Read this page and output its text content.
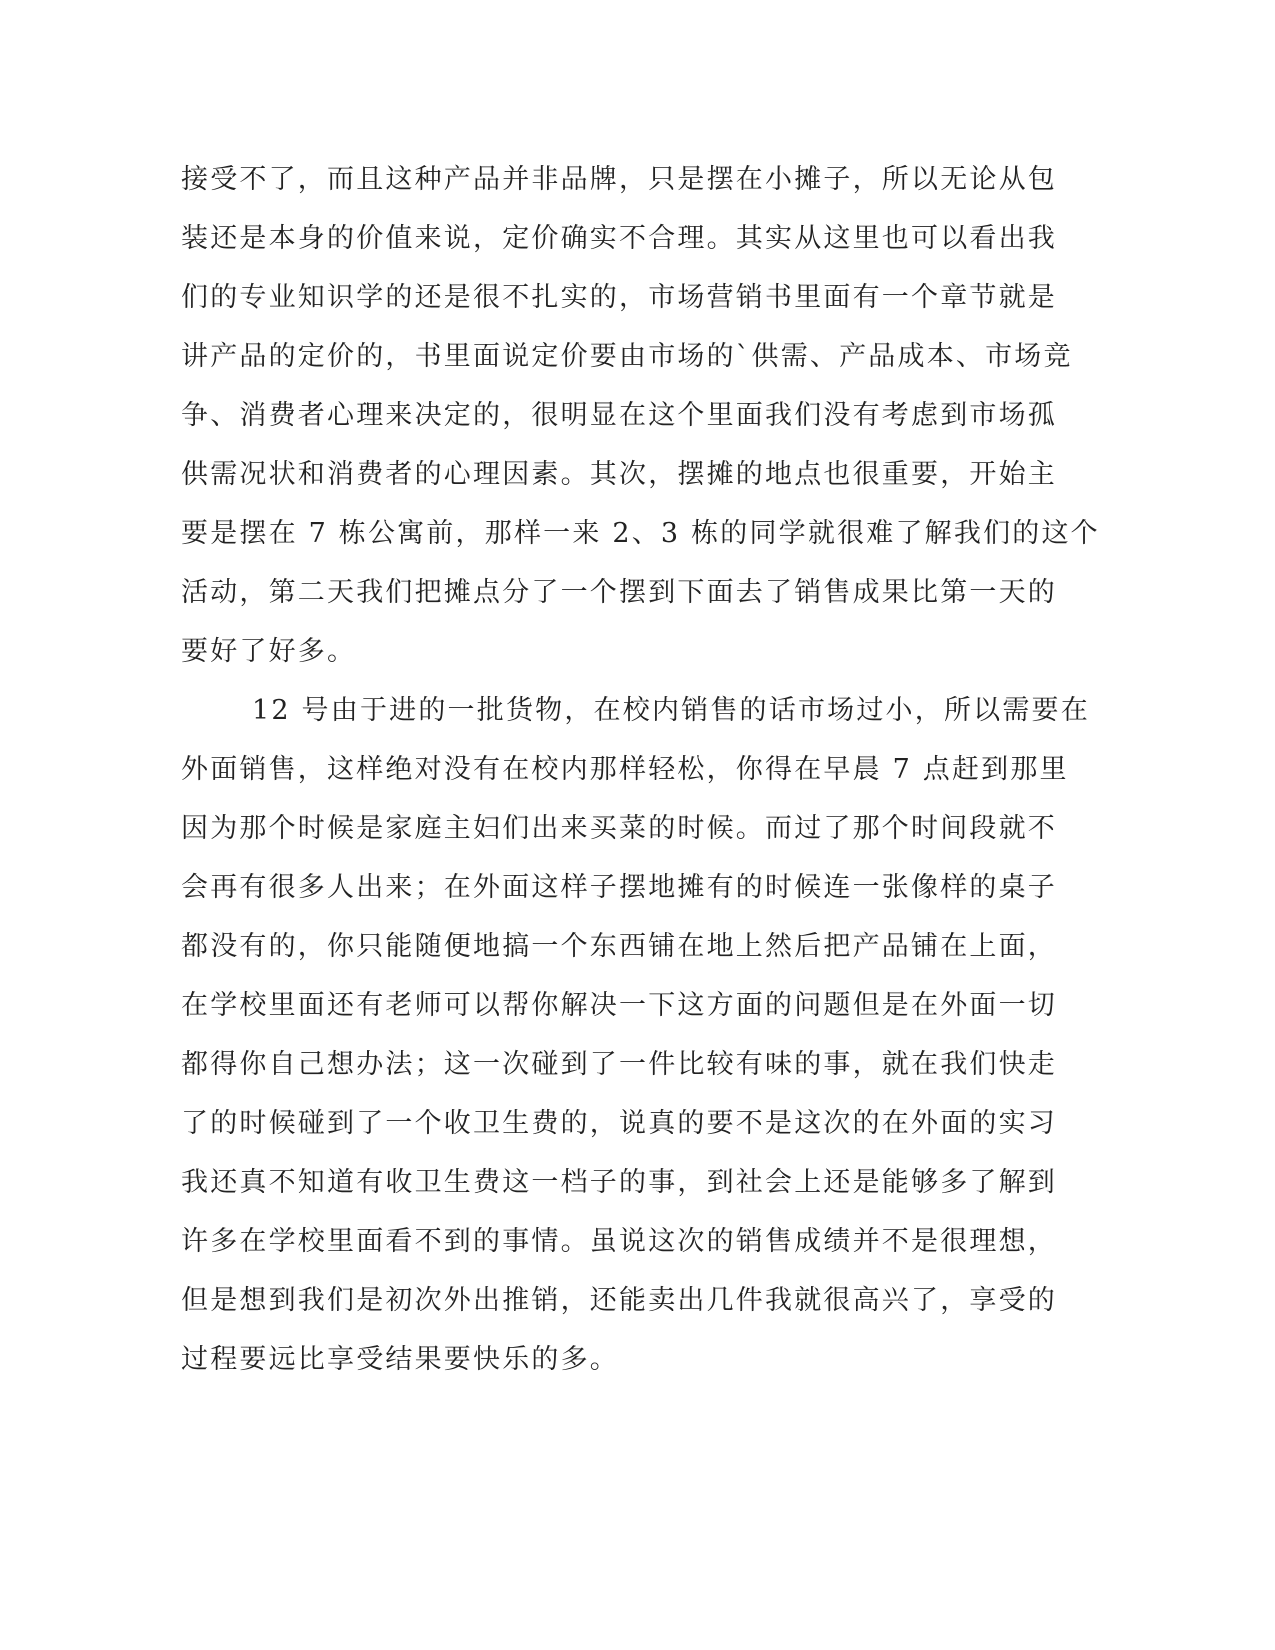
接受不了，而且这种产品并非品牌，只是摆在小摊子，所以无论从包
装还是本身的价值来说，定价确实不合理。其实从这里也可以看出我
们的专业知识学的还是很不扎实的，市场营销书里面有一个章节就是
讲产品的定价的，书里面说定价要由市场的`供需、产品成本、市场竞
争、消费者心理来决定的，很明显在这个里面我们没有考虑到市场孤
供需况状和消费者的心理因素。其次，摆摊的地点也很重要，开始主
要是摆在 7 栋公寓前，那样一来 2、3 栋的同学就很难了解我们的这个
活动，第二天我们把摊点分了一个摆到下面去了销售成果比第一天的
要好了好多。
12 号由于进的一批货物，在校内销售的话市场过小，所以需要在
外面销售，这样绝对没有在校内那样轻松，你得在早晨 7 点赶到那里
因为那个时候是家庭主妇们出来买菜的时候。而过了那个时间段就不
会再有很多人出来；在外面这样子摆地摊有的时候连一张像样的桌子
都没有的，你只能随便地搞一个东西铺在地上然后把产品铺在上面，
在学校里面还有老师可以帮你解决一下这方面的问题但是在外面一切
都得你自己想办法；这一次碰到了一件比较有味的事，就在我们快走
了的时候碰到了一个收卫生费的，说真的要不是这次的在外面的实习
我还真不知道有收卫生费这一档子的事，到社会上还是能够多了解到
许多在学校里面看不到的事情。虽说这次的销售成绩并不是很理想，
但是想到我们是初次外出推销，还能卖出几件我就很高兴了，享受的
过程要远比享受结果要快乐的多。
